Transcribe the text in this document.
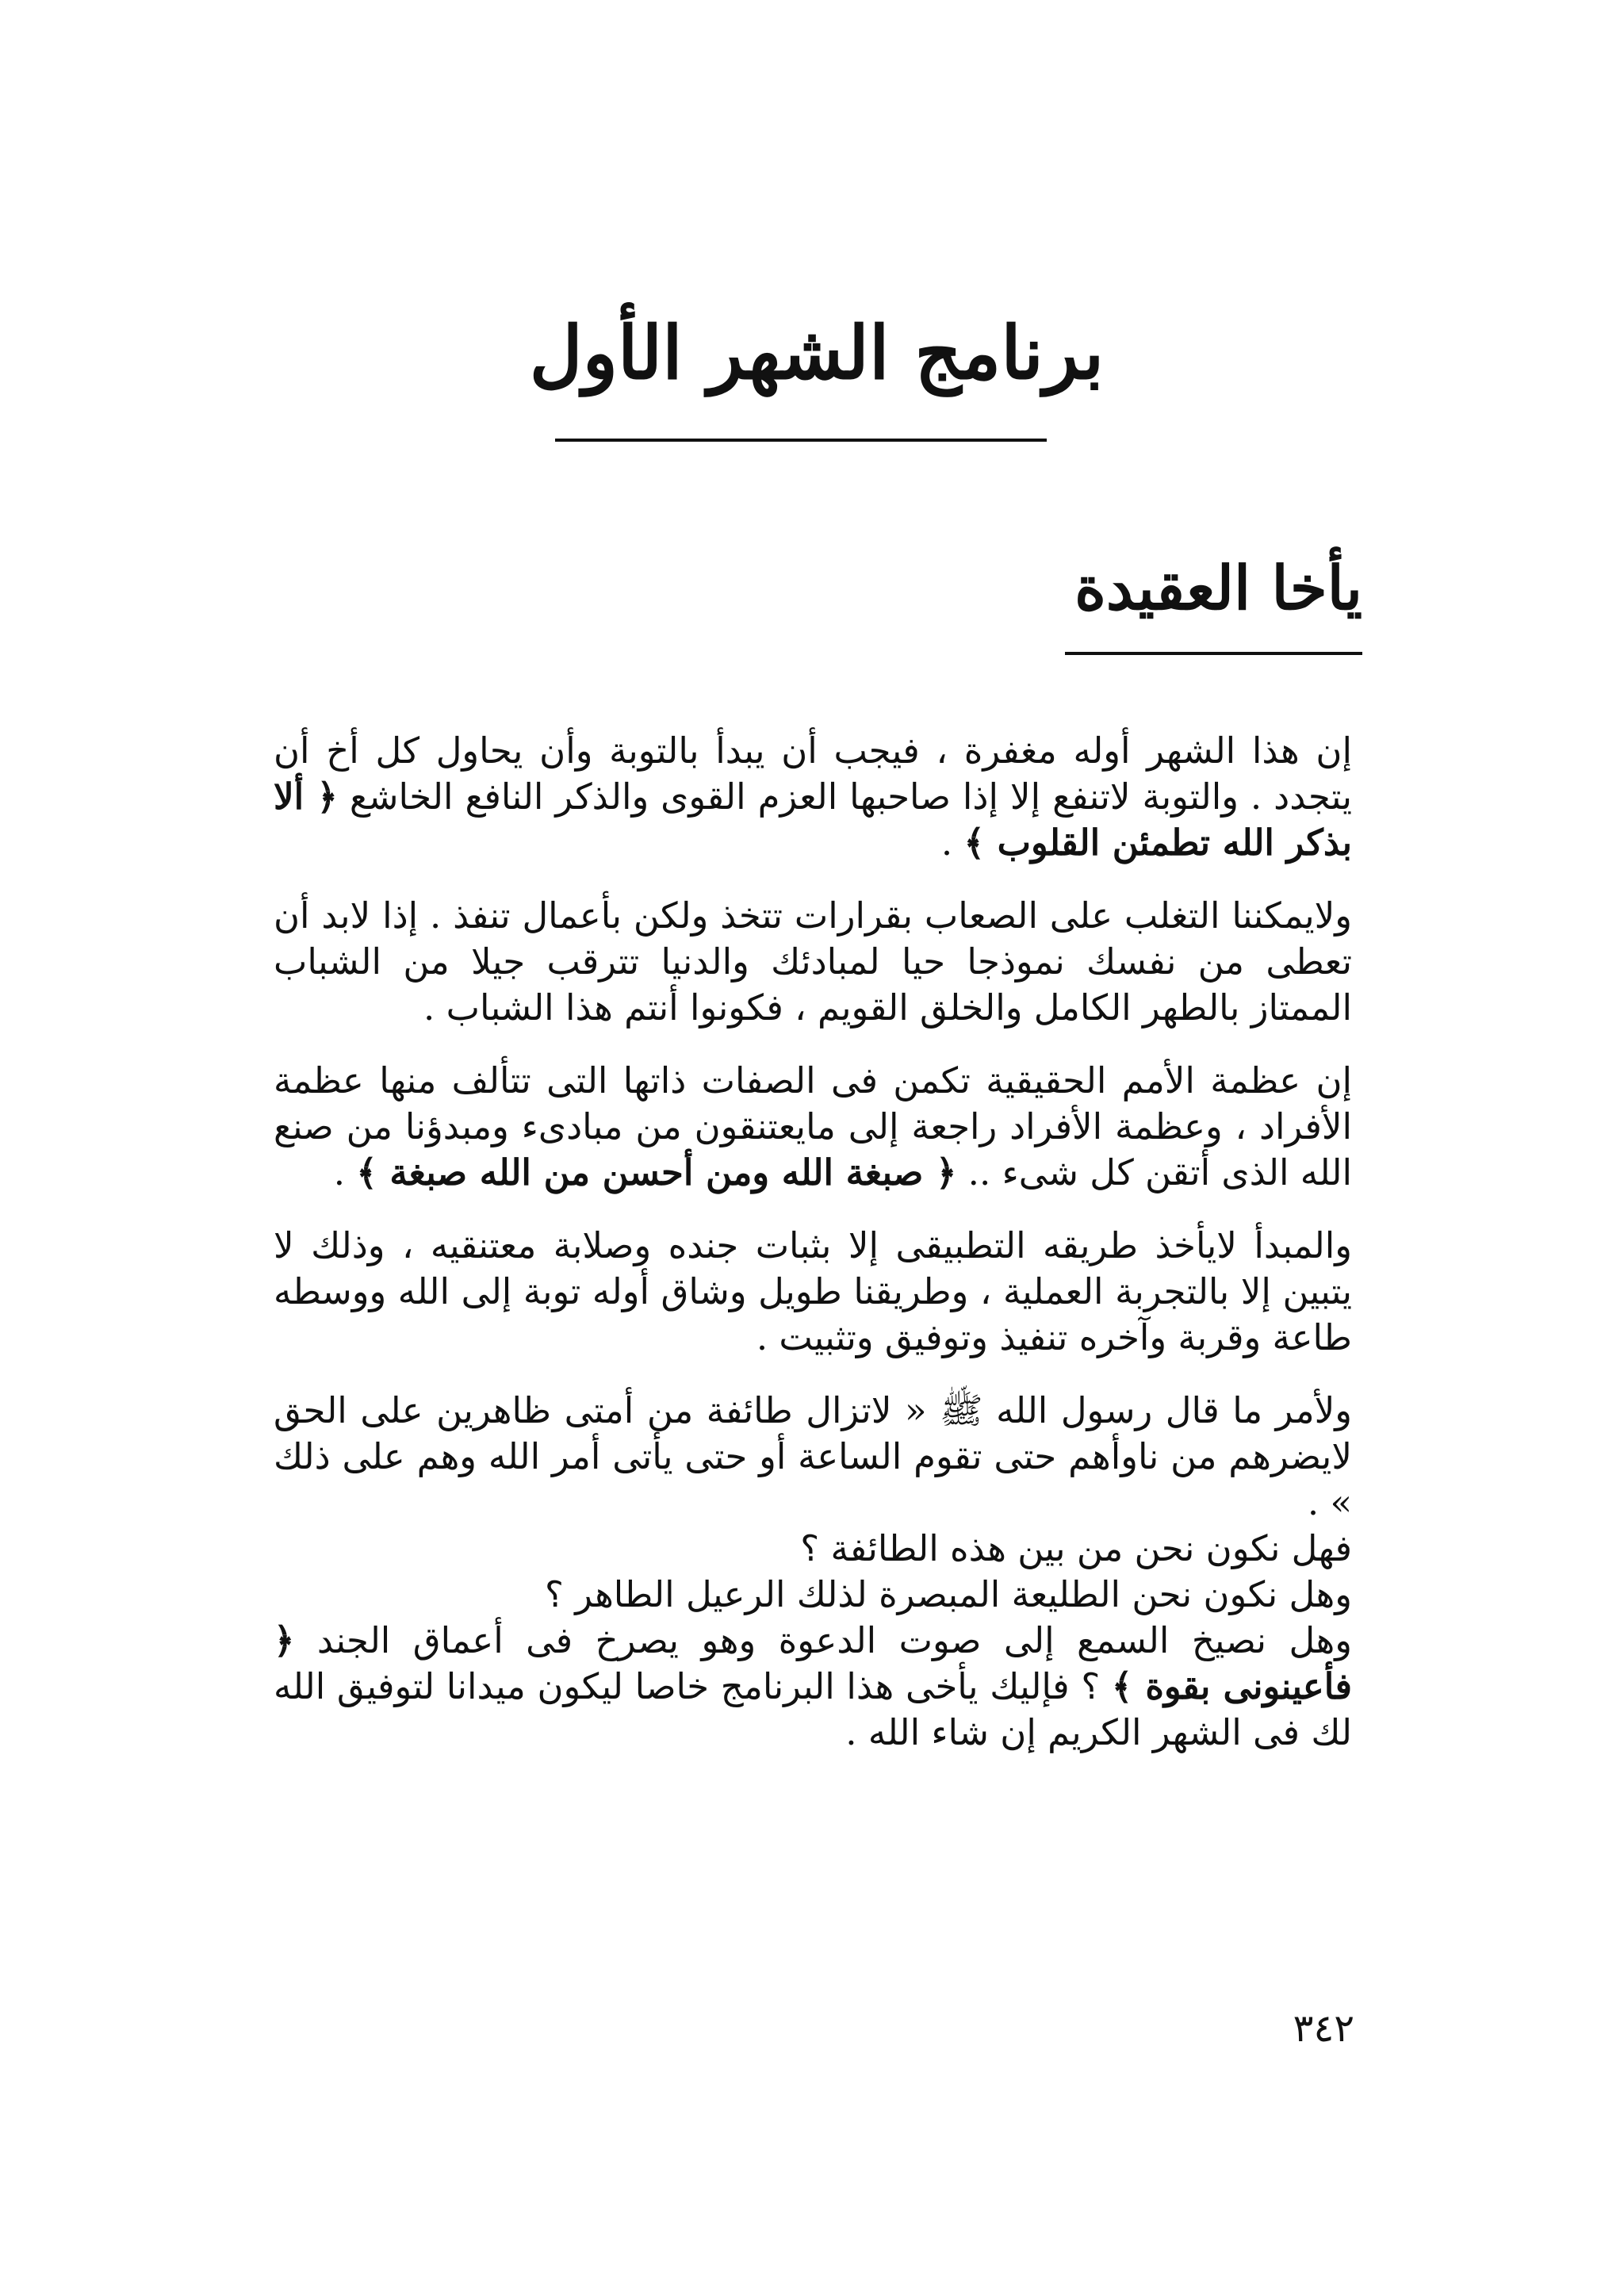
برنامج الشهر الأول
يأخا العقيدة

إن هذا الشهر أوله مغفرة ، فيجب أن يبدأ بالتوبة وأن يحاول كل أخ أن يتجدد . والتوبة لاتنفع إلا إذا صاحبها العزم القوى والذكر النافع الخاشع ﴿ ألا بذكر الله تطمئن القلوب ﴾ .

ولايمكننا التغلب على الصعاب بقرارات تتخذ ولكن بأعمال تنفذ . إذا لابد أن تعطى من نفسك نموذجا حيا لمبادئك والدنيا تترقب جيلا من الشباب الممتاز بالطهر الكامل والخلق القويم ، فكونوا أنتم هذا الشباب .

إن عظمة الأمم الحقيقية تكمن فى الصفات ذاتها التى تتألف منها عظمة الأفراد ، وعظمة الأفراد راجعة إلى مايعتنقون من مبادىء ومبدؤنا من صنع الله الذى أتقن كل شىء .. ﴿ صبغة الله ومن أحسن من الله صبغة ﴾ .

والمبدأ لايأخذ طريقه التطبيقى إلا بثبات جنده وصلابة معتنقيه ، وذلك لا يتبين إلا بالتجربة العملية ، وطريقنا طويل وشاق أوله توبة إلى الله ووسطه طاعة وقربة وآخره تنفيذ وتوفيق وتثبيت .

ولأمر ما قال رسول الله ﷺ « لاتزال طائفة من أمتى ظاهرين على الحق لايضرهم من ناوأهم حتى تقوم الساعة أو حتى يأتى أمر الله وهم على ذلك » .

فهل نكون نحن من بين هذه الطائفة ؟

وهل نكون نحن الطليعة المبصرة لذلك الرعيل الطاهر ؟

وهل نصيخ السمع إلى صوت الدعوة وهو يصرخ فى أعماق الجند ﴿ فأعينونى بقوة ﴾ ؟ فإليك يأخى هذا البرنامج خاصا ليكون ميدانا لتوفيق الله لك فى الشهر الكريم إن شاء الله .

٣٤٢
